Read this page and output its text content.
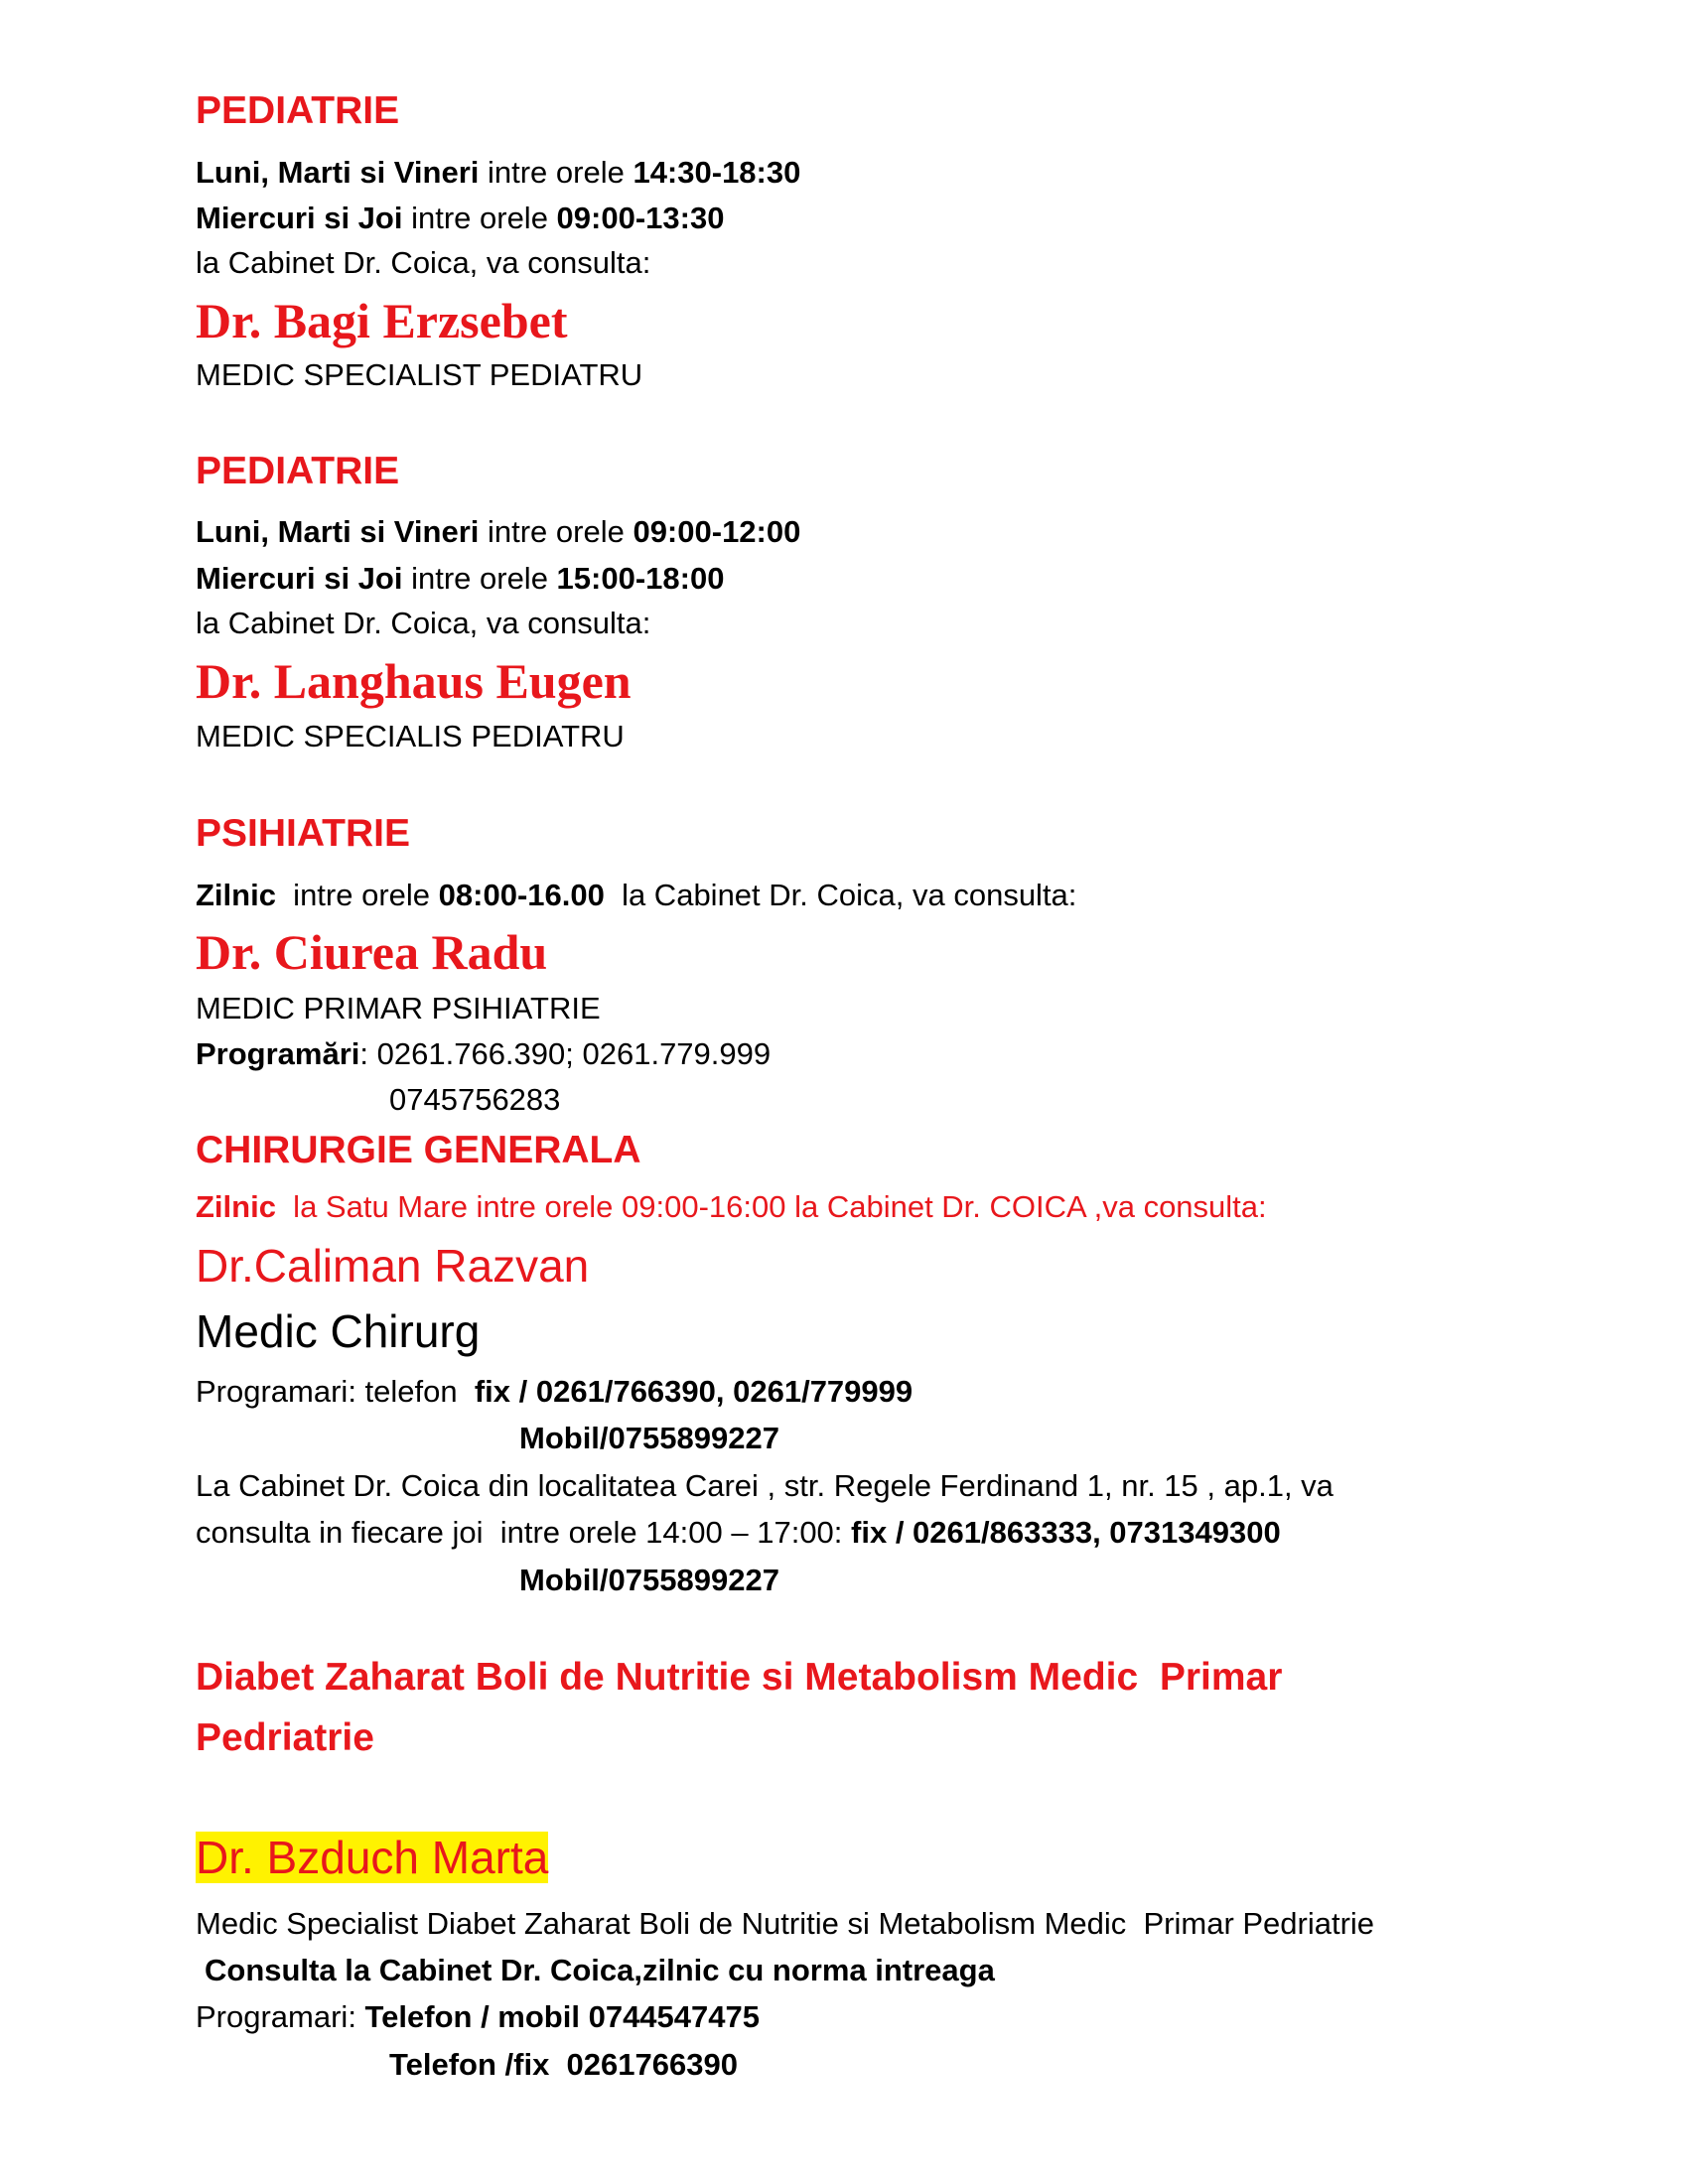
PEDIATRIE
Luni, Marti si Vineri intre orele 14:30-18:30
Miercuri si Joi intre orele 09:00-13:30
la Cabinet Dr. Coica, va consulta:
Dr. Bagi Erzsebet
MEDIC SPECIALIST PEDIATRU
PEDIATRIE
Luni, Marti si Vineri intre orele 09:00-12:00
Miercuri si Joi intre orele 15:00-18:00
la Cabinet Dr. Coica, va consulta:
Dr. Langhaus Eugen
MEDIC SPECIALIS PEDIATRU
PSIHIATRIE
Zilnic  intre orele 08:00-16.00  la Cabinet Dr. Coica, va consulta:
Dr. Ciurea Radu
MEDIC PRIMAR PSIHIATRIE
Programări: 0261.766.390; 0261.779.999
0745756283
CHIRURGIE GENERALA
Zilnic  la Satu Mare intre orele 09:00-16:00 la Cabinet Dr. COICA ,va consulta:
Dr.Caliman Razvan
Medic Chirurg
Programari: telefon  fix / 0261/766390, 0261/779999
Mobil/0755899227
La Cabinet Dr. Coica din localitatea Carei , str. Regele Ferdinand 1, nr. 15 , ap.1, va
consulta in fiecare joi  intre orele 14:00 – 17:00: fix / 0261/863333, 0731349300
Mobil/0755899227
Diabet Zaharat Boli de Nutritie si Metabolism Medic  Primar
Pedriatrie
Dr. Bzduch Marta
Medic Specialist Diabet Zaharat Boli de Nutritie si Metabolism Medic  Primar Pedriatrie
Consulta la Cabinet Dr. Coica,zilnic cu norma intreaga
Programari: Telefon / mobil 0744547475
Telefon /fix  0261766390
